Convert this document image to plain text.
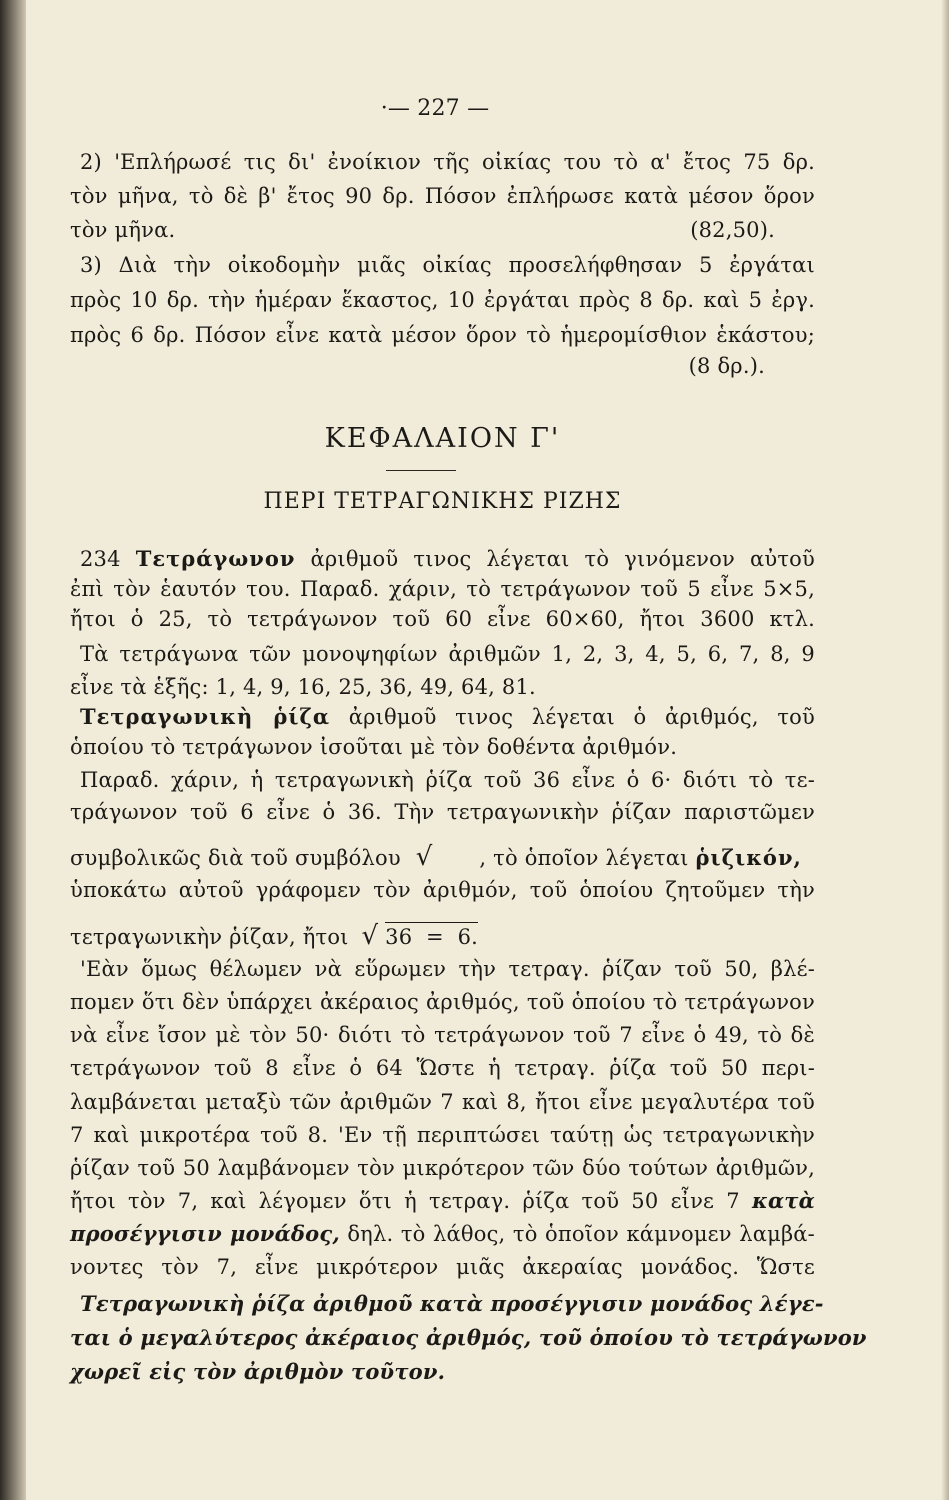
·— 227 —
2) 'Επλήρωσέ τις δι' ἐνοίκιον τῆς οἰκίας του τὸ α' ἔτος 75 δρ.
τὸν μῆνα, τὸ δὲ β' ἔτος 90 δρ. Πόσον ἐπλήρωσε κατὰ μέσον ὅρον
τὸν μῆνα.	(82,50).
3) Διὰ τὴν οἰκοδομὴν μιᾶς οἰκίας προσελήφθησαν 5 ἐργάται
πρὸς 10 δρ. τὴν ἡμέραν ἕκαστος, 10 ἐργάται πρὸς 8 δρ. καὶ 5 ἐργ.
πρὸς 6 δρ. Πόσον εἶνε κατὰ μέσον ὅρον τὸ ἡμερομίσθιον ἑκάστου;
(8 δρ.).
ΚΕΦΑΛΑΙΟΝ Γ'
ΠΕΡΙ ΤΕΤΡΑΓΩΝΙΚΗΣ ΡΙΖΗΣ
234 Τετράγωνον ἀριθμοῦ τινος λέγεται τὸ γινόμενον αὐτοῦ
ἐπὶ τὸν ἑαυτόν του. Παραδ. χάριν, τὸ τετράγωνον τοῦ 5 εἶνε 5×5,
ἤτοι ὁ 25, τὸ τετράγωνον τοῦ 60 εἶνε 60×60, ἤτοι 3600 κτλ.
Τὰ τετράγωνα τῶν μονοψηφίων ἀριθμῶν 1, 2, 3, 4, 5, 6, 7, 8, 9
εἶνε τὰ ἑξῆς: 1, 4, 9, 16, 25, 36, 49, 64, 81.
Τετραγωνικὴ ῥίζα ἀριθμοῦ τινος λέγεται ὁ ἀριθμός, τοῦ
ὁποίου τὸ τετράγωνον ἰσοῦται μὲ τὸν δοθέντα ἀριθμόν.
Παραδ. χάριν, ἡ τετραγωνικὴ ῥίζα τοῦ 36 εἶνε ὁ 6· διότι τὸ τε-
τράγωνον τοῦ 6 εἶνε ὁ 36. Τὴν τετραγωνικὴν ῥίζαν παριστῶμεν
συμβολικῶς διὰ τοῦ συμβόλου √ , τὸ ὁποῖον λέγεται ῥιζικόν,
ὑποκάτω αὐτοῦ γράφομεν τὸν ἀριθμόν, τοῦ ὁποίου ζητοῦμεν τὴν
τετραγωνικὴν ῥίζαν, ἤτοι √ 36  =  6.
'Εὰν ὅμως θέλωμεν νὰ εὕρωμεν τὴν τετραγ. ῥίζαν τοῦ 50, βλέ-
πομεν ὅτι δὲν ὑπάρχει ἀκέραιος ἀριθμός, τοῦ ὁποίου τὸ τετράγωνον
νὰ εἶνε ἴσον μὲ τὸν 50· διότι τὸ τετράγωνον τοῦ 7 εἶνε ὁ 49, τὸ δὲ
τετράγωνον τοῦ 8 εἶνε ὁ 64 Ὥστε ἡ τετραγ. ῥίζα τοῦ 50 περι-
λαμβάνεται μεταξὺ τῶν ἀριθμῶν 7 καὶ 8, ἤτοι εἶνε μεγαλυτέρα τοῦ
7 καὶ μικροτέρα τοῦ 8. 'Εν τῇ περιπτώσει ταύτῃ ὡς τετραγωνικὴν
ῥίζαν τοῦ 50 λαμβάνομεν τὸν μικρότερον τῶν δύο τούτων ἀριθμῶν,
ἤτοι τὸν 7, καὶ λέγομεν ὅτι ἡ τετραγ. ῥίζα τοῦ 50 εἶνε 7 κατὰ
προσέγγισιν μονάδος, δηλ. τὸ λάθος, τὸ ὁποῖον κάμνομεν λαμβά-
νοντες τὸν 7, εἶνε μικρότερον μιᾶς ἀκεραίας μονάδος. Ὥστε
Τετραγωνικὴ ῥίζα ἀριθμοῦ κατὰ προσέγγισιν μονάδος λέγε-
ται ὁ μεγαλύτερος ἀκέραιος ἀριθμός, τοῦ ὁποίου τὸ τετράγωνον
χωρεῖ εἰς τὸν ἀριθμὸν τοῦτον.
